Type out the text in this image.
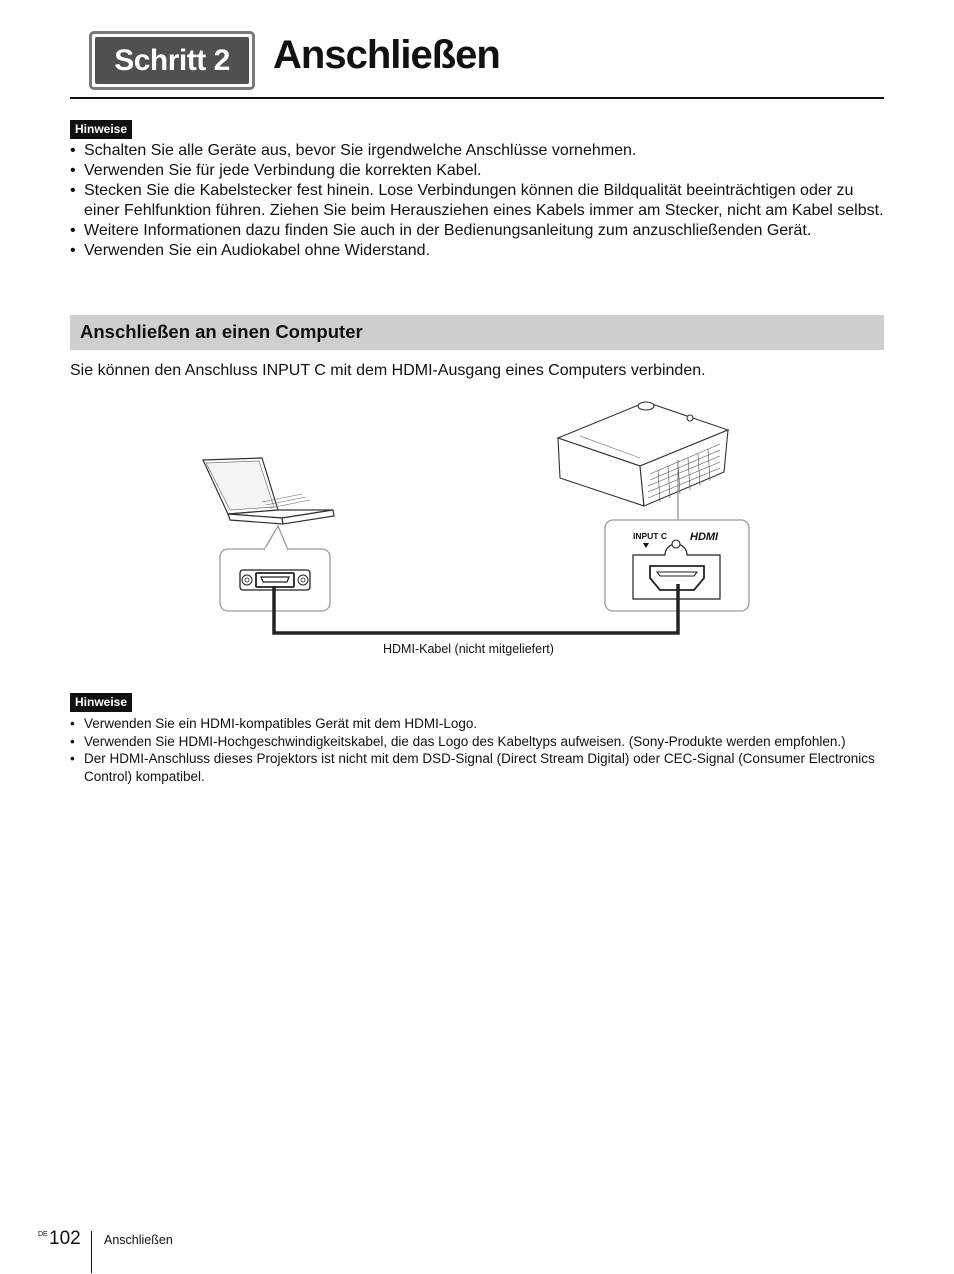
Schritt 2	Anschließen
Hinweise
• Schalten Sie alle Geräte aus, bevor Sie irgendwelche Anschlüsse vornehmen.
• Verwenden Sie für jede Verbindung die korrekten Kabel.
• Stecken Sie die Kabelstecker fest hinein. Lose Verbindungen können die Bildqualität beeinträchtigen oder zu einer Fehlfunktion führen. Ziehen Sie beim Herausziehen eines Kabels immer am Stecker, nicht am Kabel selbst.
• Weitere Informationen dazu finden Sie auch in der Bedienungsanleitung zum anzuschließenden Gerät.
• Verwenden Sie ein Audiokabel ohne Widerstand.
Anschließen an einen Computer
Sie können den Anschluss INPUT C mit dem HDMI-Ausgang eines Computers verbinden.
INPUT C HDMI
HDMI-Kabel (nicht mitgeliefert)
Hinweise
• Verwenden Sie ein HDMI-kompatibles Gerät mit dem HDMI-Logo.
• Verwenden Sie HDMI-Hochgeschwindigkeitskabel, die das Logo des Kabeltyps aufweisen. (Sony-Produkte werden empfohlen.)
• Der HDMI-Anschluss dieses Projektors ist nicht mit dem DSD-Signal (Direct Stream Digital) oder CEC-Signal (Consumer Electronics Control) kompatibel.
DE 102 Anschließen
